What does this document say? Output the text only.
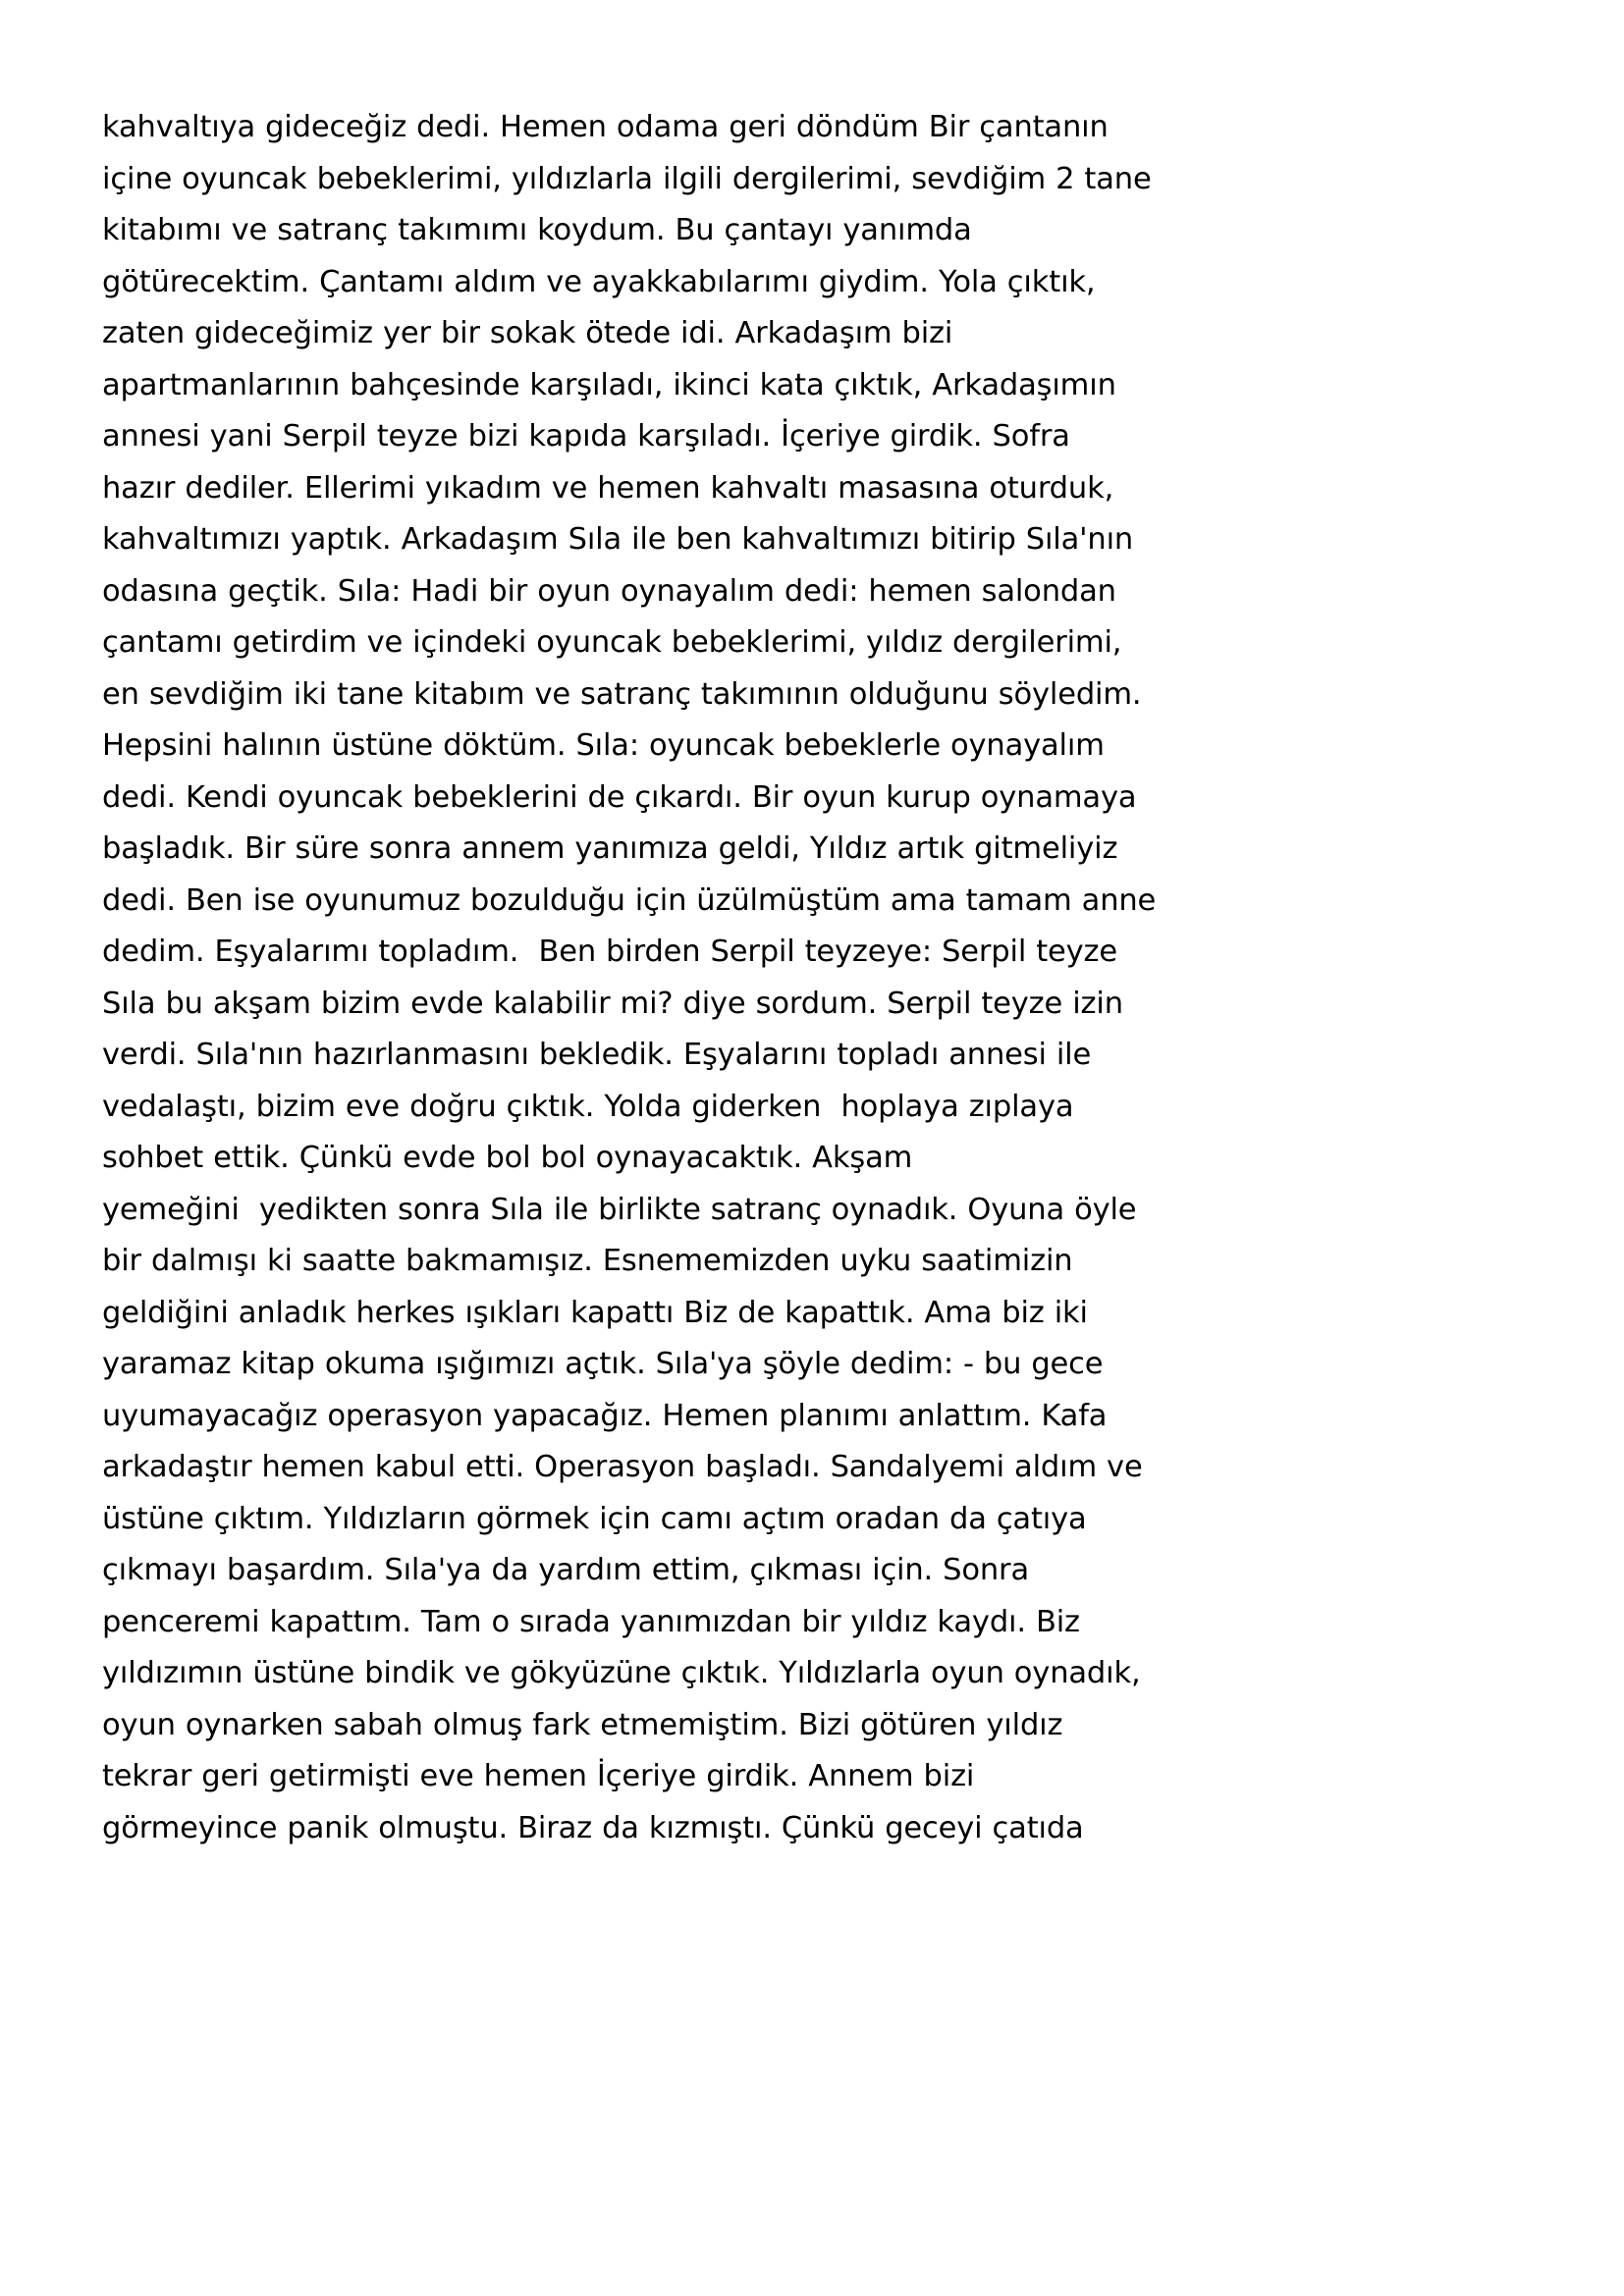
kahvaltıya gideceğiz dedi. Hemen odama geri döndüm Bir çantanın
içine oyuncak bebeklerimi, yıldızlarla ilgili dergilerimi, sevdiğim 2 tane
kitabımı ve satranç takımımı koydum. Bu çantayı yanımda
götürecektim. Çantamı aldım ve ayakkabılarımı giydim. Yola çıktık,
zaten gideceğimiz yer bir sokak ötede idi. Arkadaşım bizi
apartmanlarının bahçesinde karşıladı, ikinci kata çıktık, Arkadaşımın
annesi yani Serpil teyze bizi kapıda karşıladı. İçeriye girdik. Sofra
hazır dediler. Ellerimi yıkadım ve hemen kahvaltı masasına oturduk,
kahvaltımızı yaptık. Arkadaşım Sıla ile ben kahvaltımızı bitirip Sıla'nın
odasına geçtik. Sıla: Hadi bir oyun oynayalım dedi: hemen salondan
çantamı getirdim ve içindeki oyuncak bebeklerimi, yıldız dergilerimi,
en sevdiğim iki tane kitabım ve satranç takımının olduğunu söyledim.
Hepsini halının üstüne döktüm. Sıla: oyuncak bebeklerle oynayalım
dedi. Kendi oyuncak bebeklerini de çıkardı. Bir oyun kurup oynamaya
başladık. Bir süre sonra annem yanımıza geldi, Yıldız artık gitmeliyiz
dedi. Ben ise oyunumuz bozulduğu için üzülmüştüm ama tamam anne
dedim. Eşyalarımı topladım.  Ben birden Serpil teyzeye: Serpil teyze
Sıla bu akşam bizim evde kalabilir mi? diye sordum. Serpil teyze izin
verdi. Sıla'nın hazırlanmasını bekledik. Eşyalarını topladı annesi ile
vedalaştı, bizim eve doğru çıktık. Yolda giderken  hoplaya zıplaya
sohbet ettik. Çünkü evde bol bol oynayacaktık. Akşam
yemeğini  yedikten sonra Sıla ile birlikte satranç oynadık. Oyuna öyle
bir dalmışı ki saatte bakmamışız. Esnememizden uyku saatimizin
geldiğini anladık herkes ışıkları kapattı Biz de kapattık. Ama biz iki
yaramaz kitap okuma ışığımızı açtık. Sıla'ya şöyle dedim: - bu gece
uyumayacağız operasyon yapacağız. Hemen planımı anlattım. Kafa
arkadaştır hemen kabul etti. Operasyon başladı. Sandalyemi aldım ve
üstüne çıktım. Yıldızların görmek için camı açtım oradan da çatıya
çıkmayı başardım. Sıla'ya da yardım ettim, çıkması için. Sonra
penceremi kapattım. Tam o sırada yanımızdan bir yıldız kaydı. Biz
yıldızımın üstüne bindik ve gökyüzüne çıktık. Yıldızlarla oyun oynadık,
oyun oynarken sabah olmuş fark etmemiştim. Bizi götüren yıldız
tekrar geri getirmişti eve hemen İçeriye girdik. Annem bizi
görmeyince panik olmuştu. Biraz da kızmıştı. Çünkü geceyi çatıda
